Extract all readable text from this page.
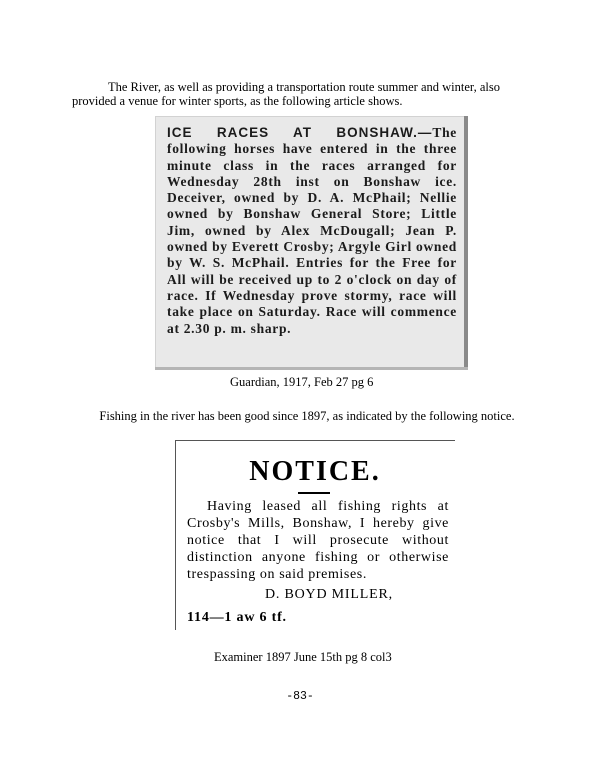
The River, as well as providing a transportation route summer and winter, also provided a venue for winter sports, as the following article shows.
ICE RACES AT BONSHAW.—The following horses have entered in the three minute class in the races arranged for Wednesday 28th inst on Bonshaw ice. Deceiver, owned by D. A. McPhail; Nellie owned by Bonshaw General Store; Little Jim, owned by Alex McDougall; Jean P. owned by Everett Crosby; Argyle Girl owned by W. S. McPhail. Entries for the Free for All will be received up to 2 o'clock on day of race. If Wednesday prove stormy, race will take place on Saturday. Race will commence at 2.30 p. m. sharp.
Guardian, 1917, Feb 27 pg 6
Fishing in the river has been good since 1897, as indicated by the following notice.
NOTICE.
Having leased all fishing rights at Crosby's Mills, Bonshaw, I hereby give notice that I will prosecute without distinction anyone fishing or otherwise trespassing on said premises.
D. BOYD MILLER,
114—1 aw 6 tf.
Examiner 1897 June 15th pg 8 col3
-83-
